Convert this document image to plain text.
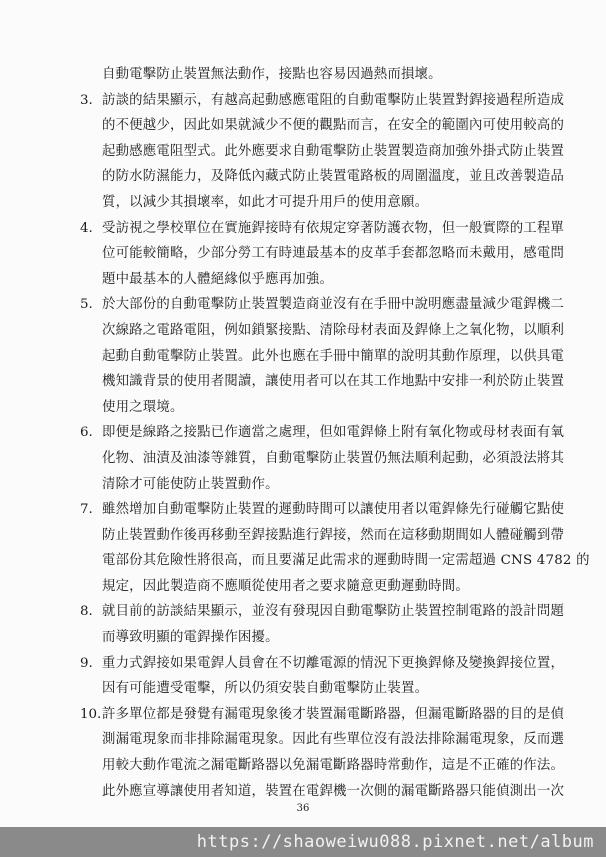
自動電擊防止裝置無法動作，接點也容易因過熱而損壞。
3. 訪談的結果顯示，有越高起動感應電阻的自動電擊防止裝置對銲接過程所造成
的不便越少，因此如果就減少不便的觀點而言，在安全的範圍內可使用較高的
起動感應電阻型式。此外應要求自動電擊防止裝置製造商加強外掛式防止裝置
的防水防濕能力，及降低內藏式防止裝置電路板的周圍溫度，並且改善製造品
質，以減少其損壞率，如此才可提升用戶的使用意願。
4. 受訪視之學校單位在實施銲接時有依規定穿著防護衣物，但一般實際的工程單
位可能較簡略，少部分勞工有時連最基本的皮革手套都忽略而未戴用，感電問
題中最基本的人體絕緣似乎應再加強。
5. 於大部份的自動電擊防止裝置製造商並沒有在手冊中說明應盡量減少電銲機二
次線路之電路電阻，例如鎖緊接點、清除母材表面及銲條上之氧化物，以順利
起動自動電擊防止裝置。此外也應在手冊中簡單的說明其動作原理，以供具電
機知識背景的使用者閱讀，讓使用者可以在其工作地點中安排一利於防止裝置
使用之環境。
6. 即便是線路之接點已作適當之處理，但如電銲條上附有氧化物或母材表面有氧
化物、油漬及油漆等雜質，自動電擊防止裝置仍無法順利起動，必須設法將其
清除才可能使防止裝置動作。
7. 雖然增加自動電擊防止裝置的遲動時間可以讓使用者以電銲條先行碰觸它點使
防止裝置動作後再移動至銲接點進行銲接，然而在這移動期間如人體碰觸到帶
電部份其危險性將很高，而且要滿足此需求的遲動時間一定需超過 CNS 4782 的
規定，因此製造商不應順從使用者之要求隨意更動遲動時間。
8. 就目前的訪談結果顯示，並沒有發現因自動電擊防止裝置控制電路的設計問題
而導致明顯的電銲操作困擾。
9. 重力式銲接如果電銲人員會在不切離電源的情況下更換銲條及變換銲接位置，
因有可能遭受電擊，所以仍須安裝自動電擊防止裝置。
10. 許多單位都是發覺有漏電現象後才裝置漏電斷路器，但漏電斷路器的目的是偵
測漏電現象而非排除漏電現象。因此有些單位沒有設法排除漏電現象，反而選
用較大動作電流之漏電斷路器以免漏電斷路器時常動作，這是不正確的作法。
此外應宣導讓使用者知道，裝置在電銲機一次側的漏電斷路器只能偵測出一次
36
https://shaoweiwu088.pixnet.net/album
